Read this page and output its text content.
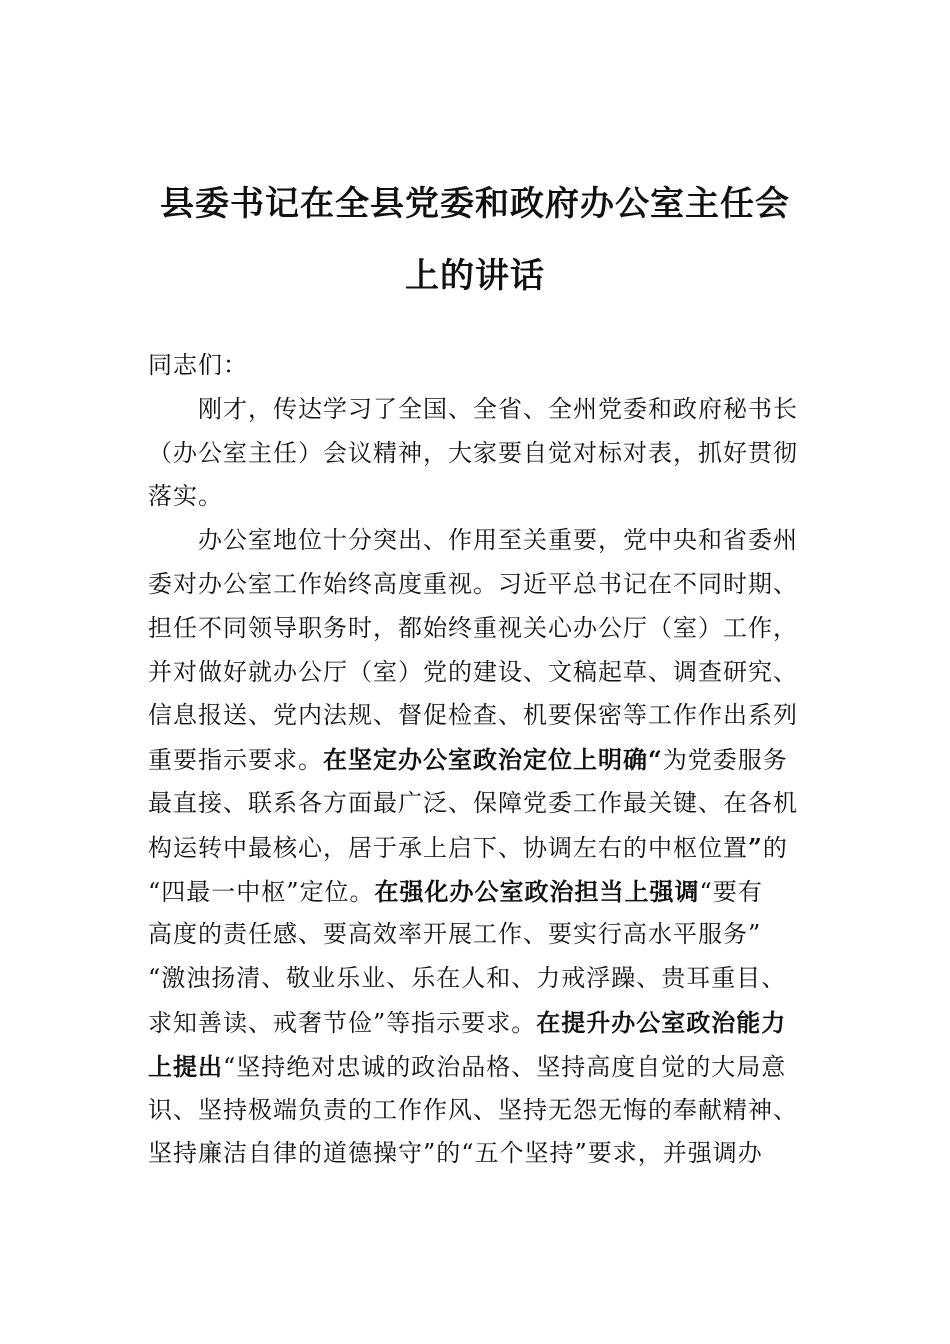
县委书记在全县党委和政府办公室主任会
上的讲话
同志们：
刚才，传达学习了全国、全省、全州党委和政府秘书长
（办公室主任）会议精神，大家要自觉对标对表，抓好贯彻
落实。
办公室地位十分突出、作用至关重要，党中央和省委州
委对办公室工作始终高度重视。习近平总书记在不同时期、
担任不同领导职务时，都始终重视关心办公厅（室）工作，
并对做好就办公厅（室）党的建设、文稿起草、调查研究、
信息报送、党内法规、督促检查、机要保密等工作作出系列
重要指示要求。在坚定办公室政治定位上明确“为党委服务
最直接、联系各方面最广泛、保障党委工作最关键、在各机
构运转中最核心，居于承上启下、协调左右的中枢位置”的
“四最一中枢”定位。在强化办公室政治担当上强调“要有
高度的责任感、要高效率开展工作、要实行高水平服务”
“激浊扬清、敬业乐业、乐在人和、力戒浮躁、贵耳重目、
求知善读、戒奢节俭”等指示要求。在提升办公室政治能力
上提出“坚持绝对忠诚的政治品格、坚持高度自觉的大局意
识、坚持极端负责的工作作风、坚持无怨无悔的奉献精神、
坚持廉洁自律的道德操守”的“五个坚持”要求，并强调办
